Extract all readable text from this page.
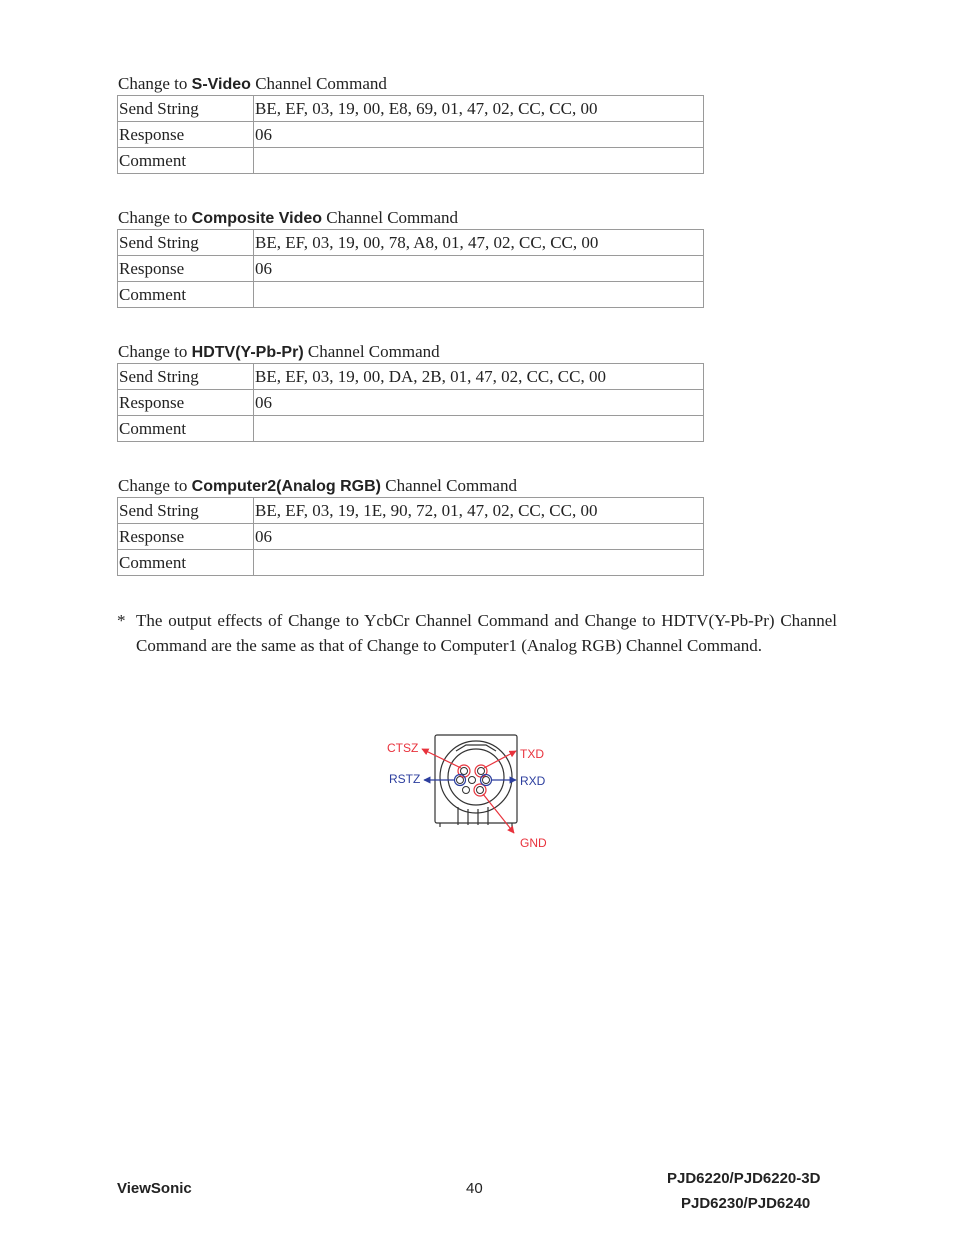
Change to S-Video Channel Command
Send String	BE, EF, 03, 19, 00, E8, 69, 01, 47, 02, CC, CC, 00
Response	06
Comment	
Change to Composite Video Channel Command
Send String	BE, EF, 03, 19, 00, 78, A8, 01, 47, 02, CC, CC, 00
Response	06
Comment	
Change to HDTV(Y-Pb-Pr) Channel Command
Send String	BE, EF, 03, 19, 00, DA, 2B, 01, 47, 02, CC, CC, 00
Response	06
Comment	
Change to Computer2(Analog RGB) Channel Command
Send String	BE, EF, 03, 19, 1E, 90, 72, 01, 47, 02, CC, CC, 00
Response	06
Comment	
* The output effects of Change to YcbCr Channel Command and Change to HDTV(Y-Pb-Pr) Channel Command are the same as that of Change to Computer1 (Analog RGB) Channel Command.
CTSZ	TXD
RSTZ	RXD
GND
ViewSonic	40
PJD6220/PJD6220-3D
PJD6230/PJD6240
